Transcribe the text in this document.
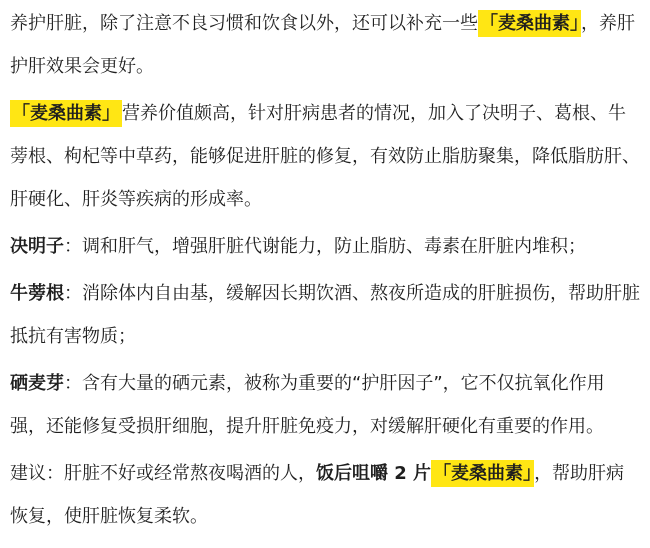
养护肝脏，除了注意不良习惯和饮食以外，还可以补充一些 「麦桑曲素」 ，养肝护肝效果会更好。

「麦桑曲素」 营养价值颇高，针对肝病患者的情况，加入了决明子、葛根、牛蒡根、枸杞等中草药，能够促进肝脏的修复，有效防止脂肪聚集，降低脂肪肝、肝硬化、肝炎等疾病的形成率。

决明子：调和肝气，增强肝脏代谢能力，防止脂肪、毒素在肝脏内堆积；

牛蒡根：消除体内自由基，缓解因长期饮酒、熬夜所造成的肝脏损伤，帮助肝脏抵抗有害物质；

硒麦芽：含有大量的硒元素，被称为重要的“护肝因子”，它不仅抗氧化作用强，还能修复受损肝细胞，提升肝脏免疫力，对缓解肝硬化有重要的作用。

建议：肝脏不好或经常熬夜喝酒的人，饭后咀嚼 2 片 「麦桑曲素」 ，帮助肝病恢复，使肝脏恢复柔软。
